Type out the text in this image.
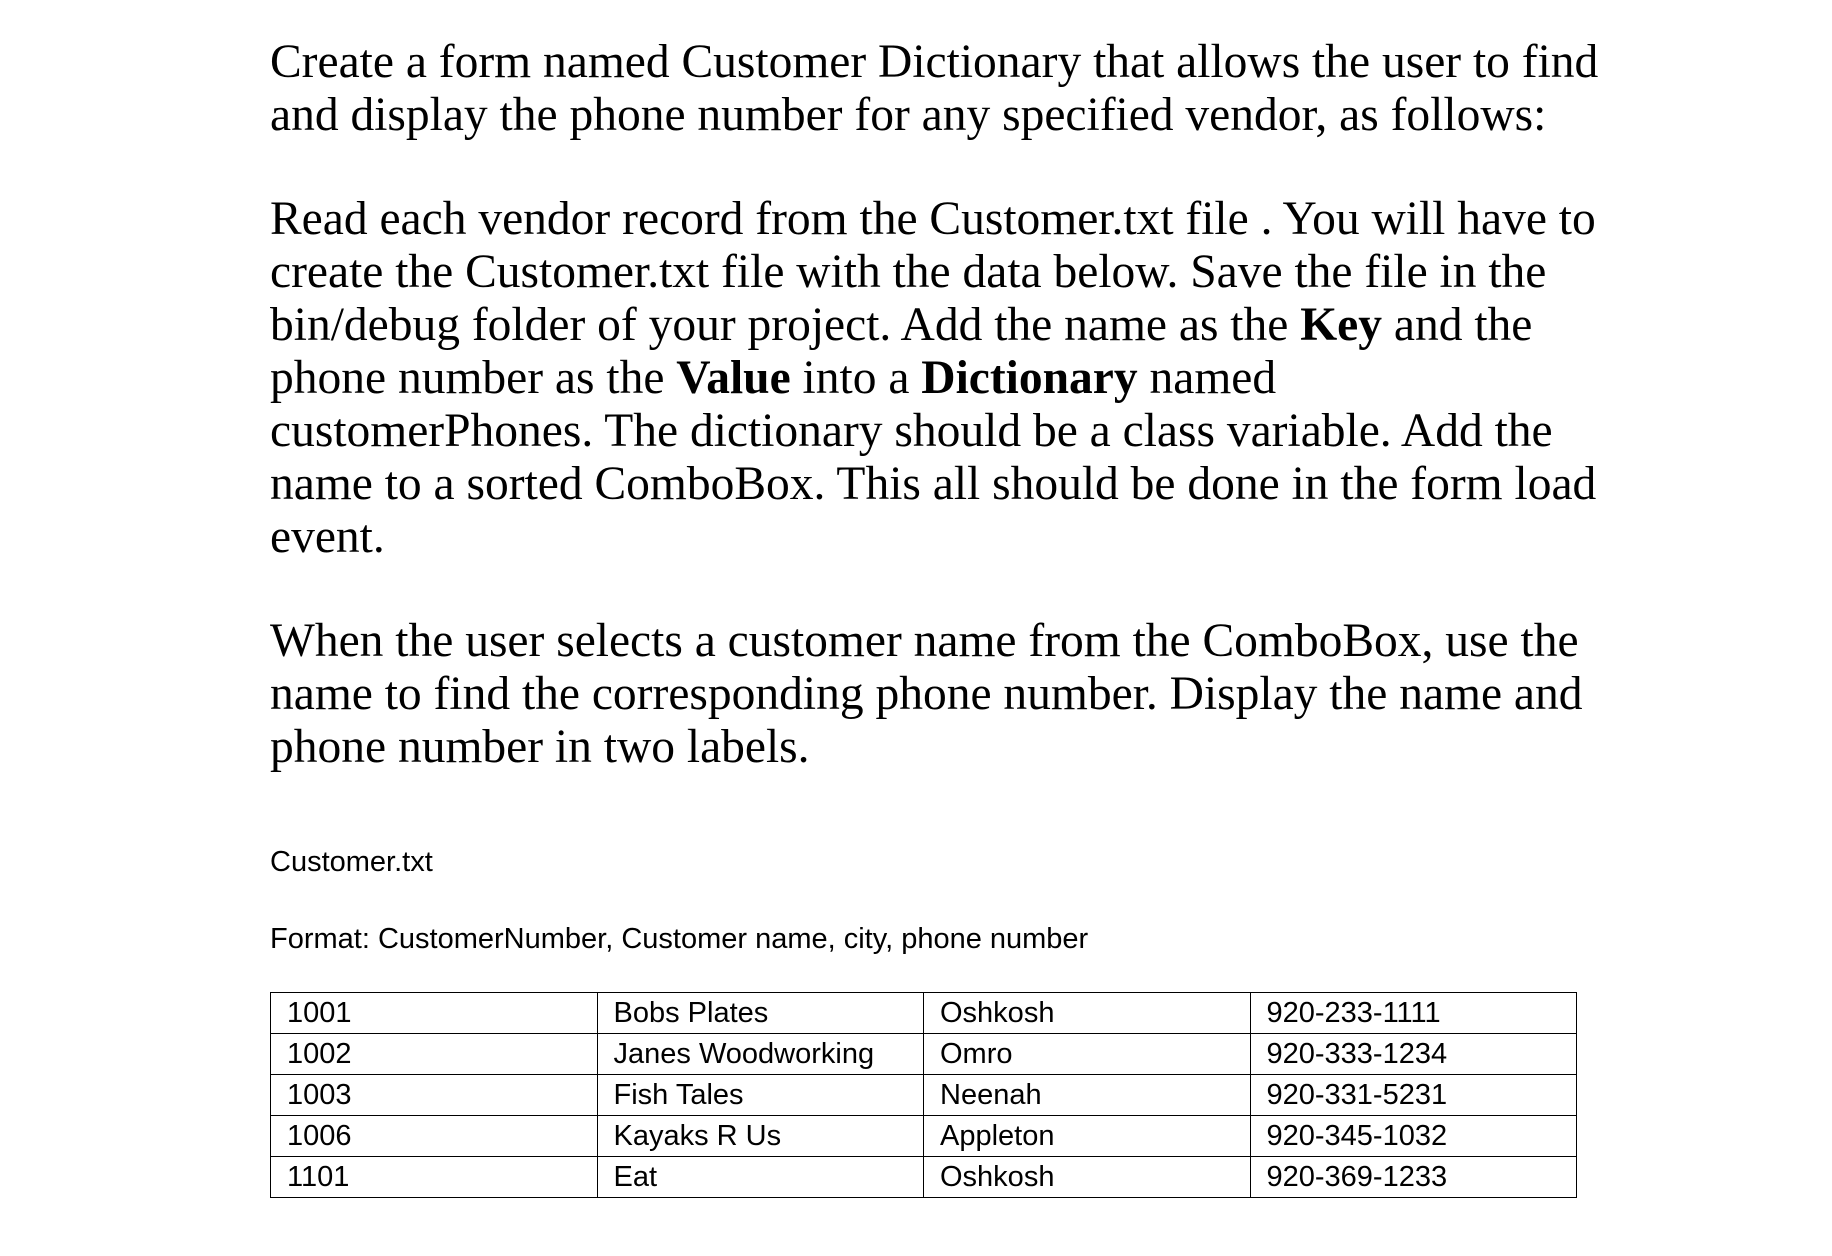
Create a form named Customer Dictionary that allows the user to find and display the phone number for any specified vendor, as follows:

Read each vendor record from the Customer.txt file . You will have to create the Customer.txt file with the data below. Save the file in the bin/debug folder of your project. Add the name as the Key and the phone number as the Value into a Dictionary named customerPhones. The dictionary should be a class variable. Add the name to a sorted ComboBox. This all should be done in the form load event.

When the user selects a customer name from the ComboBox, use the name to find the corresponding phone number. Display the name and phone number in two labels.

Customer.txt

Format: CustomerNumber, Customer name, city, phone number

1001	Bobs Plates	Oshkosh	920-233-1111
1002	Janes Woodworking	Omro	920-333-1234
1003	Fish Tales	Neenah	920-331-5231
1006	Kayaks R Us	Appleton	920-345-1032
1101	Eat	Oshkosh	920-369-1233
